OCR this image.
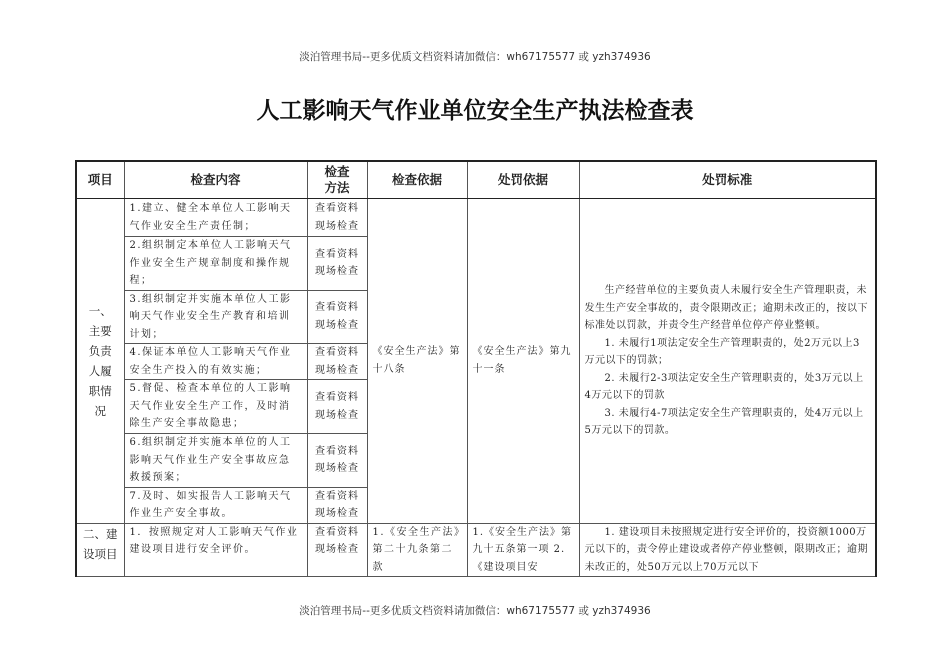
淡泊管理书局--更多优质文档资料请加微信：wh67175577 或 yzh374936
人工影响天气作业单位安全生产执法检查表
项目	检查内容	检查方法	检查依据	处罚依据	处罚标准
一、主要负责人履职情况	1.建立、健全本单位人工影响天气作业安全生产责任制；	查看资料现场检查	《安全生产法》第十八条	《安全生产法》第九十一条	生产经营单位的主要负责人未履行安全生产管理职责，未发生生产安全事故的，责令限期改正；逾期未改正的，按以下标准处以罚款，并责令生产经营单位停产停业整顿。

1. 未履行1项法定安全生产管理职责的，处2万元以上3万元以下的罚款；

2. 未履行2-3项法定安全生产管理职责的，处3万元以上4万元以下的罚款

3. 未履行4-7项法定安全生产管理职责的，处4万元以上5万元以下的罚款。

	2.组织制定本单位人工影响天气作业安全生产规章制度和操作规程；	查看资料现场检查			
	3.组织制定并实施本单位人工影响天气作业安全生产教育和培训计划；	查看资料现场检查			
	4.保证本单位人工影响天气作业安全生产投入的有效实施；	查看资料现场检查			
	5.督促、检查本单位的人工影响天气作业安全生产工作，及时消除生产安全事故隐患；	查看资料现场检查			
	6.组织制定并实施本单位的人工影响天气作业生产安全事故应急救援预案；	查看资料现场检查			
	7.及时、如实报告人工影响天气作业生产安全事故。	查看资料现场检查			
二、建设项目	1．按照规定对人工影响天气作业建设项目进行安全评价。	查看资料现场检查	1.《安全生产法》第二十九条第二款	1.《安全生产法》第九十五条第一项 2. 《建设项目安	1. 建设项目未按照规定进行安全评价的，投资额1000万元以下的，责令停止建设或者停产停业整顿，限期改正；逾期未改正的，处50万元以上70万元以下

淡泊管理书局--更多优质文档资料请加微信：wh67175577 或 yzh374936
